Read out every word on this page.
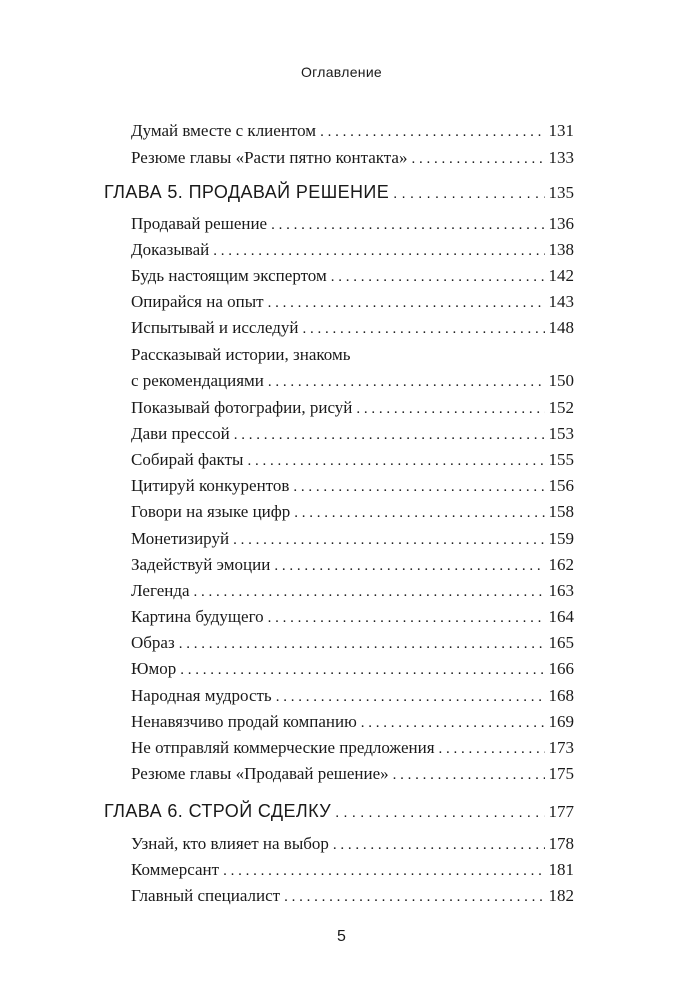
Оглавление
Думай вместе с клиентом . . .	131
Резюме главы «Расти пятно контакта» . . .	133
ГЛАВА 5. ПРОДАВАЙ РЕШЕНИЕ . . .	135
Продавай решение . . .	136
Доказывай . . .	138
Будь настоящим экспертом . . .	142
Опирайся на опыт . . .	143
Испытывай и исследуй . . .	148
Рассказывай истории, знакомь
с рекомендациями . . .	150
Показывай фотографии, рисуй . . .	152
Дави прессой . . .	153
Собирай факты . . .	155
Цитируй конкурентов . . .	156
Говори на языке цифр . . .	158
Монетизируй . . .	159
Задействуй эмоции . . .	162
Легенда . . .	163
Картина будущего . . .	164
Образ . . .	165
Юмор . . .	166
Народная мудрость . . .	168
Ненавязчиво продай компанию . . .	169
Не отправляй коммерческие предложения . . .	173
Резюме главы «Продавай решение» . . .	175
ГЛАВА 6. СТРОЙ СДЕЛКУ . . .	177
Узнай, кто влияет на выбор . . .	178
Коммерсант . . .	181
Главный специалист . . .	182
5
